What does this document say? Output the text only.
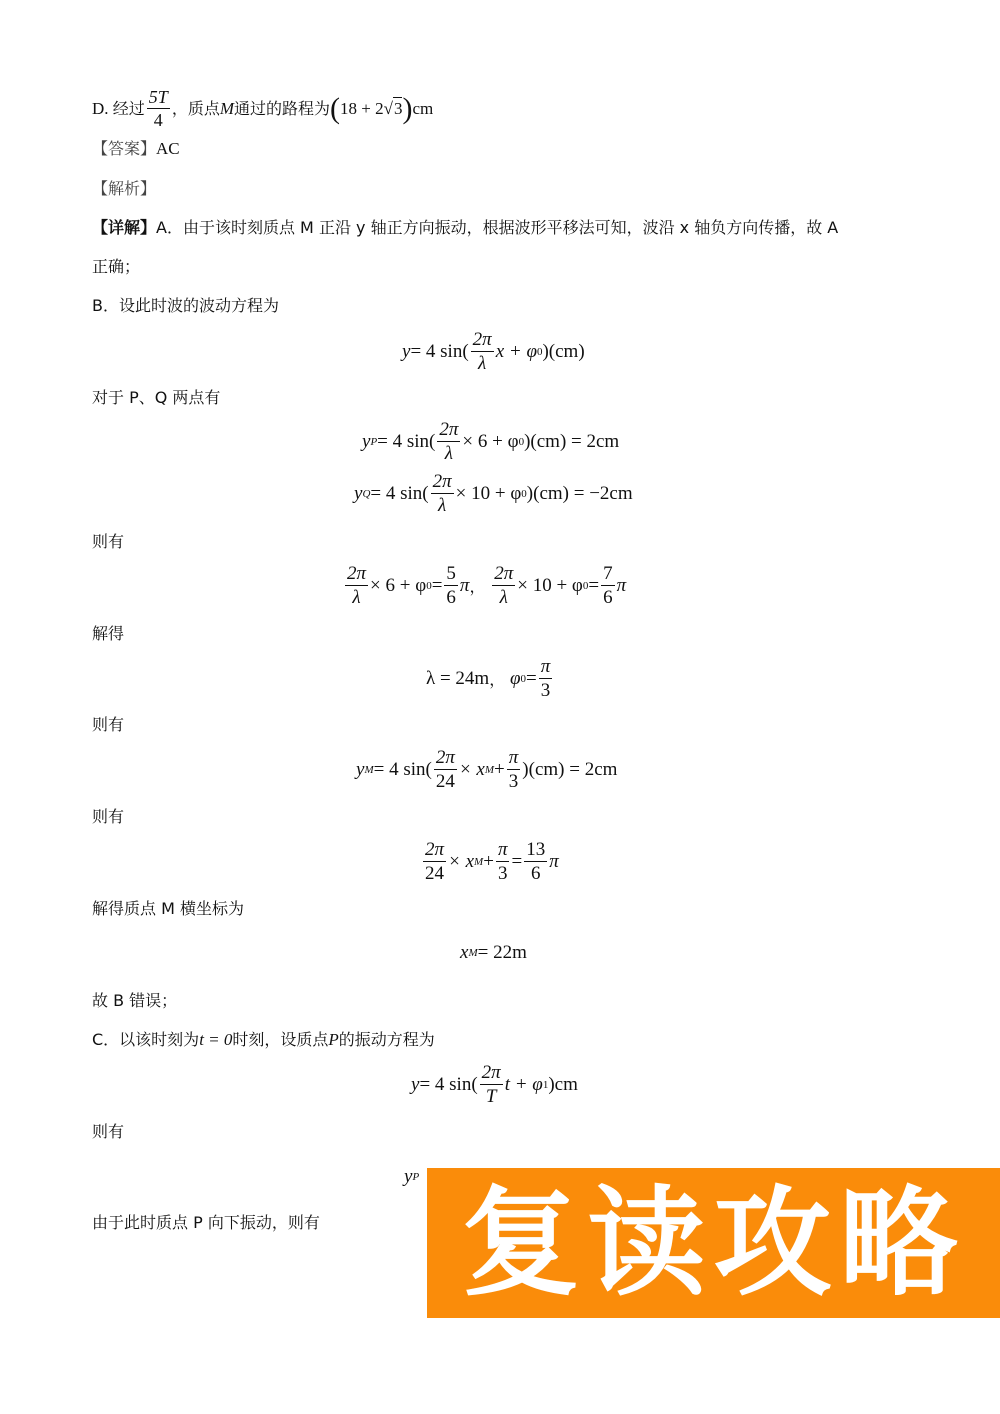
D.
经过 $\frac{5T}{4}$ ，质点 M 通过的路程为 ( 18 + 2 √ 3 ) cm
【答案】AC
【解析】
【详解】A．由于该时刻质点 M 正沿 y 轴正方向振动，根据波形平移法可知，波沿 x 轴负方向传播，故 A
正确；
B．设此时波的波动方程为
y = 4 $\sin( \frac{2\pi}{\lambda}$ x + φ 0 )(cm)
对于 P、Q 两点有
y P = 4 $\sin( \frac{2\pi}{\lambda} \times 6 + \varphi$ 0 )(cm) = 2cm
y Q = 4 $\sin( \frac{2\pi}{\lambda} \times 10 + \varphi$ 0 )(cm) = −2cm
则有
$\frac{2\pi}{\lambda} \times 6 + \varphi$ $0 = \frac{5}{6}$ π ，
$\frac{2\pi}{\lambda} \times 10 + \varphi$ $0 = \frac{7}{6}$ π
解得
λ = 24m ，
φ $0 = \frac{\pi}{3}$
则有
y M = 4 $\sin( \frac{2\pi}{24} \times x$ $M + \frac{\pi}{3} )(cm) = 2cm$
则有
$\frac{2\pi}{24} \times x$ $M + \frac{\pi}{3} = \frac{13}{6}$ π
解得质点 M 横坐标为
x M = 22m
故 B 错误；
C．以该时刻为t = 0时刻，设质点P的振动方程为
y = 4 $\sin( \frac{2\pi}{T}$ t + φ 1 )cm
则有
y P
由于此时质点 P 向下振动，则有 复读攻略
